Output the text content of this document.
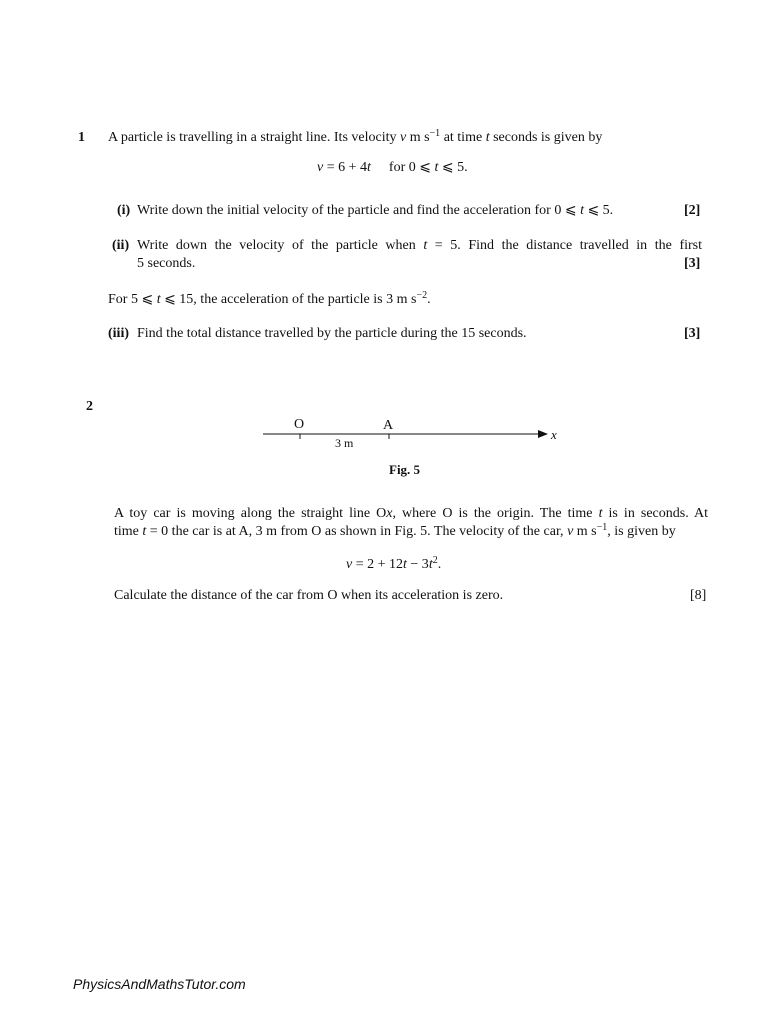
1 A particle is travelling in a straight line. Its velocity v m $s^{-1}$ at time t seconds is given by
v = 6 + 4t for 0 ⩽ t ⩽ 5.
(i) Write down the initial velocity of the particle and find the acceleration for 0 ⩽ t ⩽ 5.	[2]
(ii) Write down the velocity of the particle when t = 5. Find the distance travelled in the first
5 seconds.	[3]
For 5 ⩽ t ⩽ 15, the acceleration of the particle is 3 m $s^{-2}$.
(iii) Find the total distance travelled by the particle during the 15 seconds.	[3]
2
O	A
x
3 m
Fig. 5
A toy car is moving along the straight line Ox, where O is the origin. The time t is in seconds. At
time t = 0 the car is at A, 3 m from O as shown in Fig. 5. The velocity of the car, v m $s^{-1}$, is given by
$v = 2 + 12t - 3t^2$.
Calculate the distance of the car from O when its acceleration is zero.	[8]
PhysicsAndMathsTutor.com
